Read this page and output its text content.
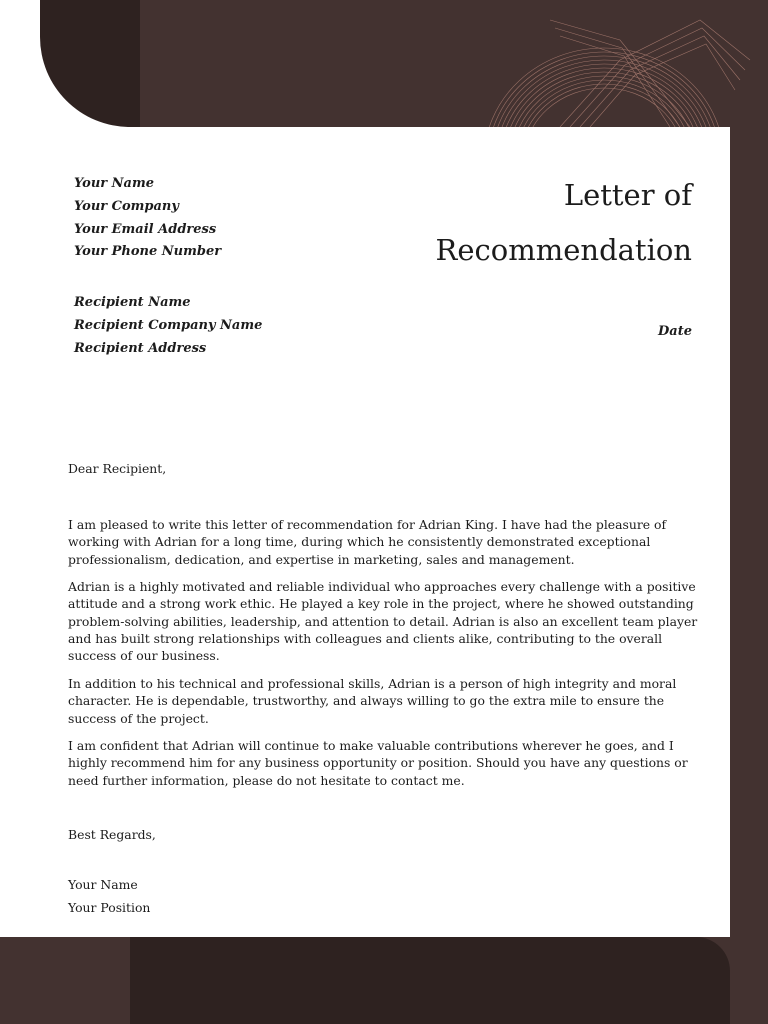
Your Name
Your Company
Your Email Address
Your Phone Number
Letter of
Recommendation
Recipient Name
Recipient Company Name
Recipient Address
Date
Dear Recipient,
I am pleased to write this letter of recommendation for Adrian King. I have had the pleasure of working with Adrian for a long time, during which he consistently demonstrated exceptional professionalism, dedication, and expertise in marketing, sales and management.
Adrian is a highly motivated and reliable individual who approaches every challenge with a positive attitude and a strong work ethic. He played a key role in the project, where he showed outstanding problem-solving abilities, leadership, and attention to detail. Adrian is also an excellent team player and has built strong relationships with colleagues and clients alike, contributing to the overall success of our business.
In addition to his technical and professional skills, Adrian is a person of high integrity and moral character. He is dependable, trustworthy, and always willing to go the extra mile to ensure the success of the project.
I am confident that Adrian will continue to make valuable contributions wherever he goes, and I highly recommend him for any business opportunity or position. Should you have any questions or need further information, please do not hesitate to contact me.
Best Regards,
Your Name
Your Position
